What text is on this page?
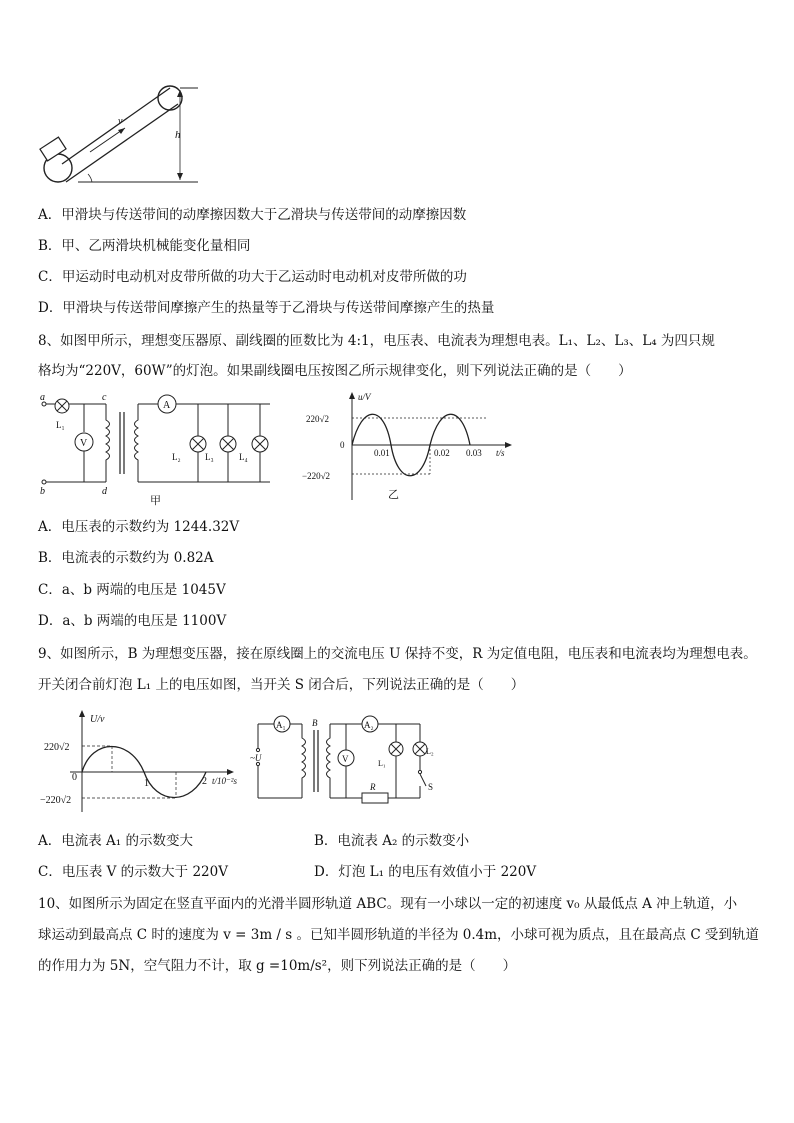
v
h
A．甲滑块与传送带间的动摩擦因数大于乙滑块与传送带间的动摩擦因数
B．甲、乙两滑块机械能变化量相同
C．甲运动时电动机对皮带所做的功大于乙运动时电动机对皮带所做的功
D．甲滑块与传送带间摩擦产生的热量等于乙滑块与传送带间摩擦产生的热量
8、如图甲所示，理想变压器原、副线圈的匝数比为 4:1，电压表、电流表为理想电表。L₁、L₂、L₃、L₄ 为四只规
格均为“220V，60W”的灯泡。如果副线圈电压按图乙所示规律变化，则下列说法正确的是（　　）
a
b
L₁
V
c
d
A
L₂	L₃	L₄
甲
u/V
220√2
0
−220√2
0.01	0.02 0.03 t/s
乙
A．电压表的示数约为 1244.32V
B．电流表的示数约为 0.82A
C．a、b 两端的电压是 1045V
D．a、b 两端的电压是 1100V
9、如图所示，B 为理想变压器，接在原线圈上的交流电压 U 保持不变，R 为定值电阻，电压表和电流表均为理想电表。
开关闭合前灯泡 L₁ 上的电压如图，当开关 S 闭合后，下列说法正确的是（　　）
U/v
220√2
0
−220√2
1	2 t/10⁻²s
~U
A₁	B	A₂
V
R
L₁
L₂
S
A．电流表 A₁ 的示数变大	B．电流表 A₂ 的示数变小
C．电压表 V 的示数大于 220V	D．灯泡 L₁ 的电压有效值小于 220V
10、如图所示为固定在竖直平面内的光滑半圆形轨道 ABC。现有一小球以一定的初速度 v₀ 从最低点 A 冲上轨道，小
球运动到最高点 C 时的速度为 v = 3m / s 。已知半圆形轨道的半径为 0.4m，小球可视为质点，且在最高点 C 受到轨道
的作用力为 5N，空气阻力不计，取 g =10m/s²，则下列说法正确的是（　　）
